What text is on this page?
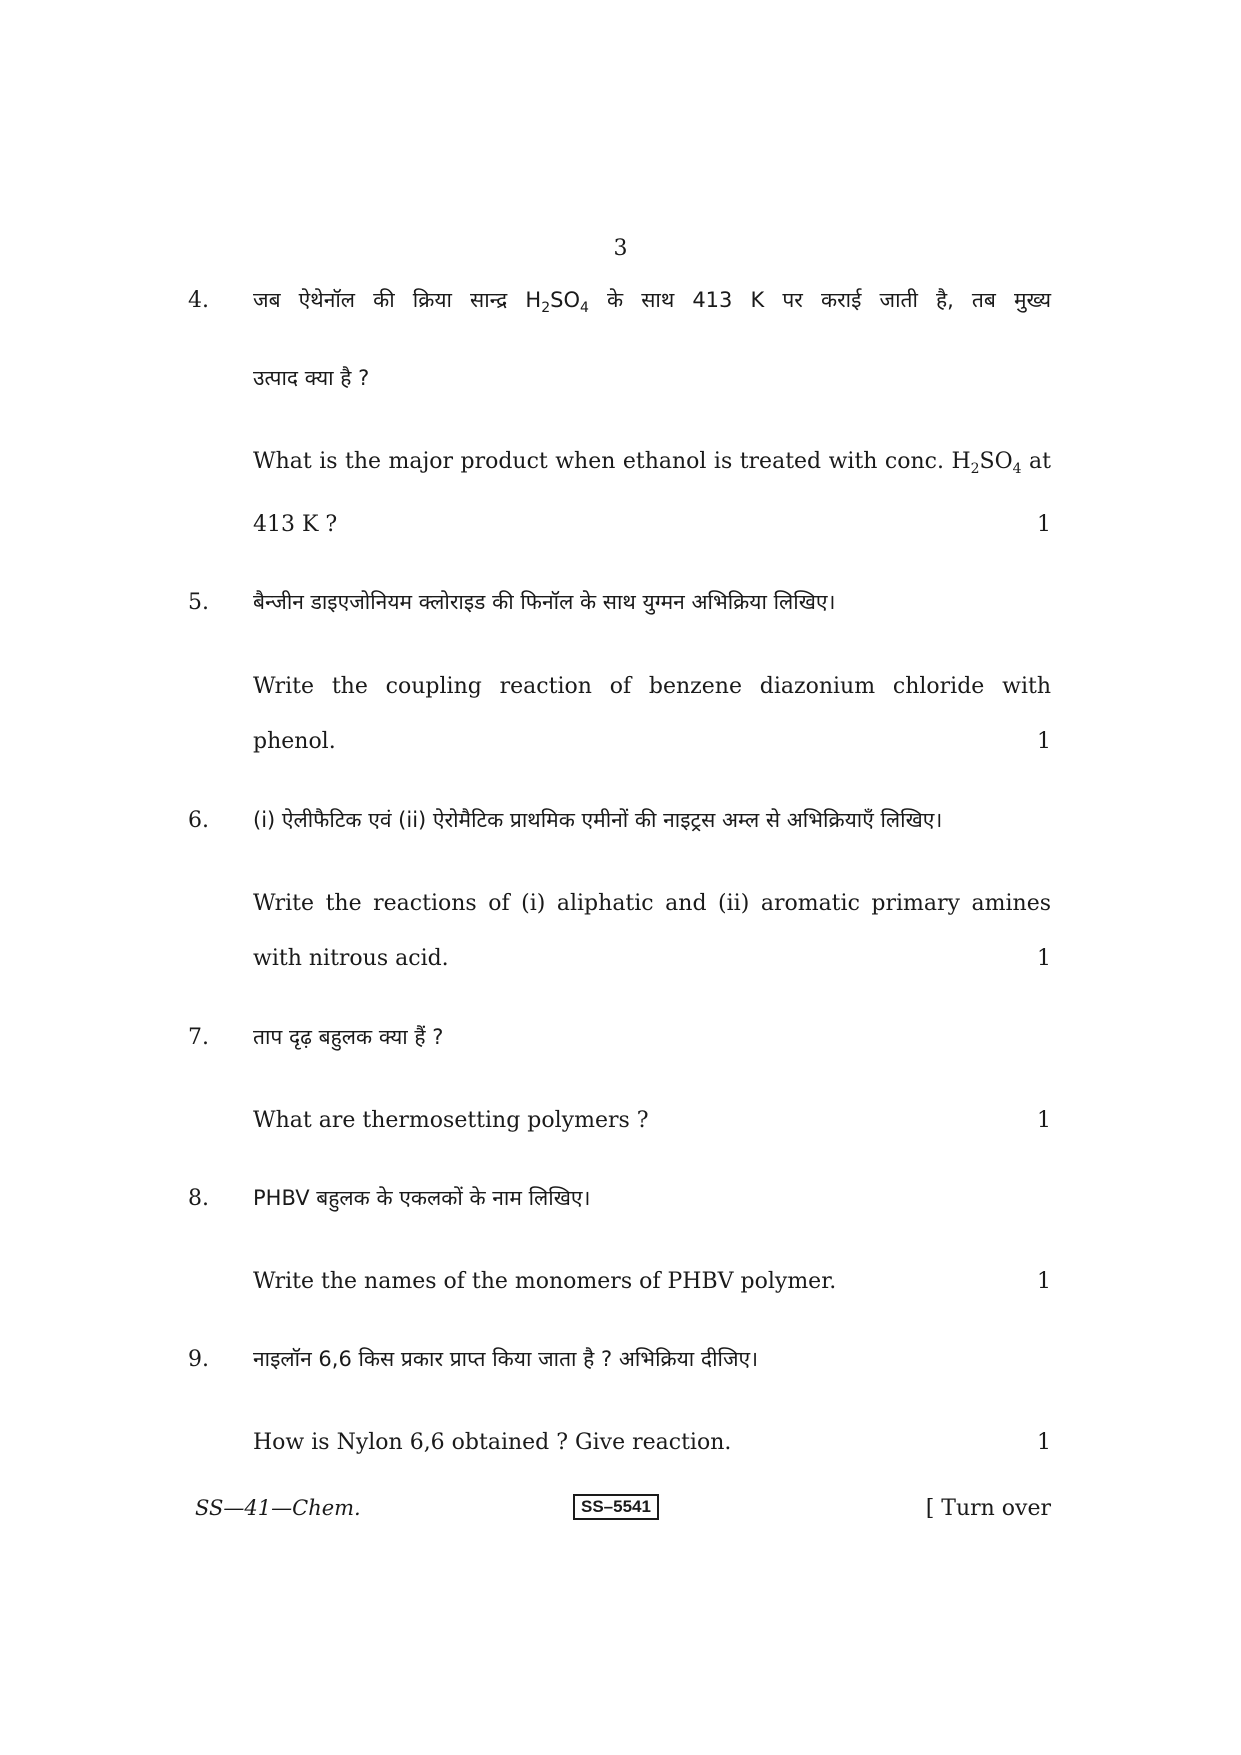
3
4. जब ऐथेनॉल की क्रिया सान्द्र $H_2SO_4$ के साथ 413 K पर कराई जाती है, तब मुख्य
उत्पाद क्या है ?
What is the major product when ethanol is treated with conc. $H_2SO_4$ at
413 K ?	1
5. बैन्जीन डाइएजोनियम क्लोराइड की फिनॉल के साथ युग्मन अभिक्रिया लिखिए।
Write the coupling reaction of benzene diazonium chloride with
phenol.	1
6. (i) ऐलीफैटिक एवं (ii) ऐरोमैटिक प्राथमिक एमीनों की नाइट्रस अम्ल से अभिक्रियाएँ लिखिए।
Write the reactions of (i) aliphatic and (ii) aromatic primary amines
with nitrous acid.	1
7. ताप दृढ़ बहुलक क्या हैं ?
What are thermosetting polymers ?	1
8. PHBV बहुलक के एकलकों के नाम लिखिए।
Write the names of the monomers of PHBV polymer.	1
9. नाइलॉन 6,6 किस प्रकार प्राप्त किया जाता है ? अभिक्रिया दीजिए।
How is Nylon 6,6 obtained ? Give reaction.	1
SS—41—Chem.	SS–5541	[ Turn over
